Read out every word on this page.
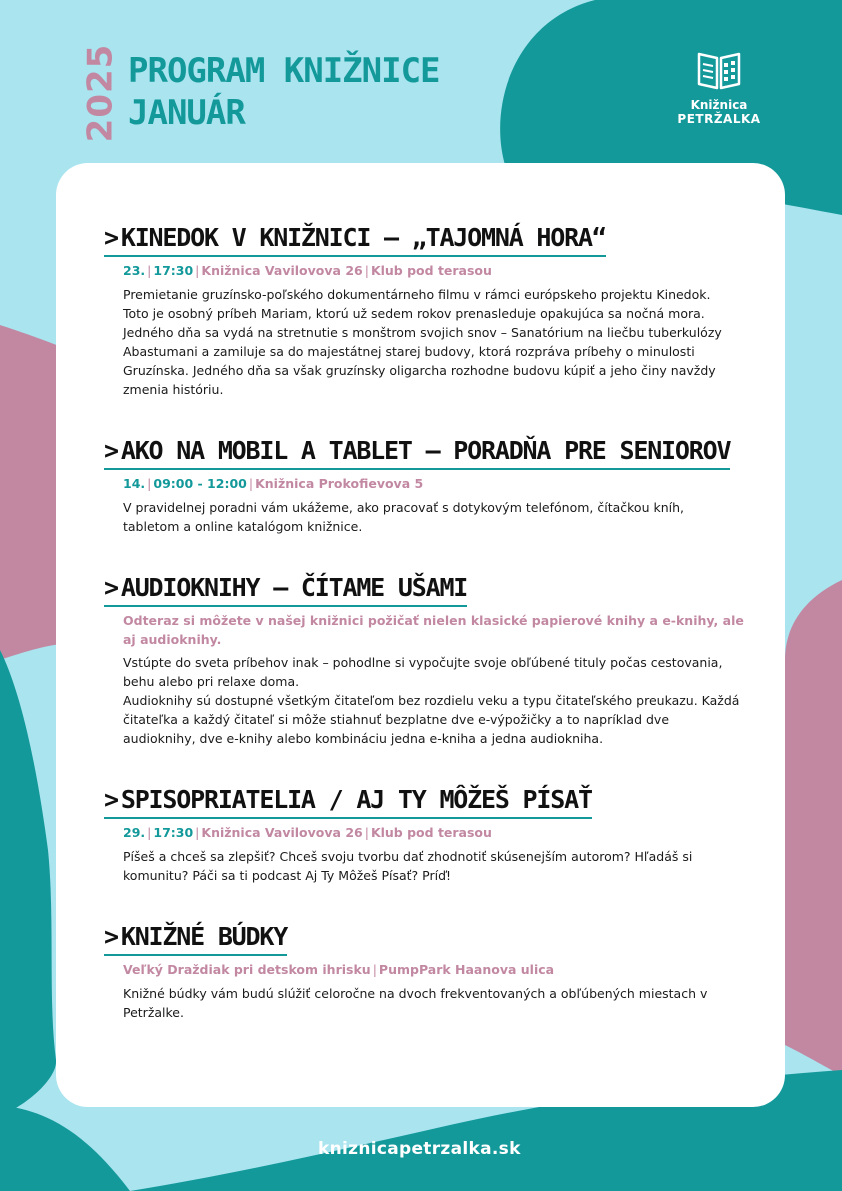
2025 PROGRAM KNIŽNICE
JANUÁR	Knižnica
PETRŽALKA
> KINEDOK V KNIŽNICI – „TAJOMNÁ HORA“
23. | 17:30 | Knižnica Vavilovova 26 | Klub pod terasou

Premietanie gruzínsko-poľského dokumentárneho filmu v rámci európskeho projektu Kinedok.

Toto je osobný príbeh Mariam, ktorú už sedem rokov prenasleduje opakujúca sa nočná mora. Jedného dňa sa vydá na stretnutie s monštrom svojich snov – Sanatórium na liečbu tuberkulózy Abastumani a zamiluje sa do majestátnej starej budovy, ktorá rozpráva príbehy o minulosti Gruzínska. Jedného dňa sa však gruzínsky oligarcha rozhodne budovu kúpiť a jeho činy navždy zmenia históriu.

> AKO NA MOBIL A TABLET – PORADŇA PRE SENIOROV
14. | 09:00 - 12:00 | Knižnica Prokofievova 5

V pravidelnej poradni vám ukážeme, ako pracovať s dotykovým telefónom, čítačkou kníh, tabletom a online katalógom knižnice.

> AUDIOKNIHY – ČÍTAME UŠAMI
Odteraz si môžete v našej knižnici požičať nielen klasické papierové knihy a e-knihy, ale aj audioknihy.

Vstúpte do sveta príbehov inak – pohodlne si vypočujte svoje obľúbené tituly počas cestovania, behu alebo pri relaxe doma.

Audioknihy sú dostupné všetkým čitateľom bez rozdielu veku a typu čitateľského preukazu. Každá čitateľka a každý čitateľ si môže stiahnuť bezplatne dve e-výpožičky a to napríklad dve audioknihy, dve e-knihy alebo kombináciu jedna e-kniha a jedna audiokniha.

> SPISOPRIATELIA / AJ TY MÔŽEŠ PÍSAŤ
29. | 17:30 | Knižnica Vavilovova 26 | Klub pod terasou

Píšeš a chceš sa zlepšiť? Chceš svoju tvorbu dať zhodnotiť skúsenejším autorom? Hľadáš si komunitu? Páči sa ti podcast Aj Ty Môžeš Písať? Príď!

> KNIŽNÉ BÚDKY
Veľký Draždiak pri detskom ihrisku | PumpPark Haanova ulica

Knižné búdky vám budú slúžiť celoročne na dvoch frekventovaných a obľúbených miestach v Petržalke.

kniznicapetrzalka.sk
